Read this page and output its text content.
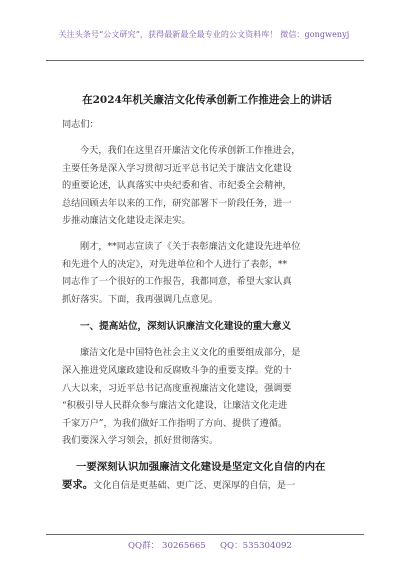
关注头条号“公文研究”，获得最新最全最专业的公文资料库！ 微信：gongwenyj
在2024年机关廉洁文化传承创新工作推进会上的讲话
同志们：
今天，我们在这里召开廉洁文化传承创新工作推进会，
主要任务是深入学习贯彻习近平总书记关于廉洁文化建设
的重要论述，认真落实中央纪委和省、市纪委全会精神，
总结回顾去年以来的工作，研究部署下一阶段任务，进一
步推动廉洁文化建设走深走实。
刚才，**同志宣读了《关于表彰廉洁文化建设先进单位
和先进个人的决定》，对先进单位和个人进行了表彰，**
同志作了一个很好的工作报告，我都同意，希望大家认真
抓好落实。下面，我再强调几点意见。
一、提高站位，深刻认识廉洁文化建设的重大意义
廉洁文化是中国特色社会主义文化的重要组成部分，是
深入推进党风廉政建设和反腐败斗争的重要支撑。党的十
八大以来，习近平总书记高度重视廉洁文化建设，强调要
“积极引导人民群众参与廉洁文化建设，让廉洁文化走进
千家万户”，为我们做好工作指明了方向、提供了遵循。
我们要深入学习领会，抓好贯彻落实。
一要深刻认识加强廉洁文化建设是坚定文化自信的内在
要求。文化自信是更基础、更广泛、更深厚的自信，是一
QQ群： 30265665 QQ：535304092
